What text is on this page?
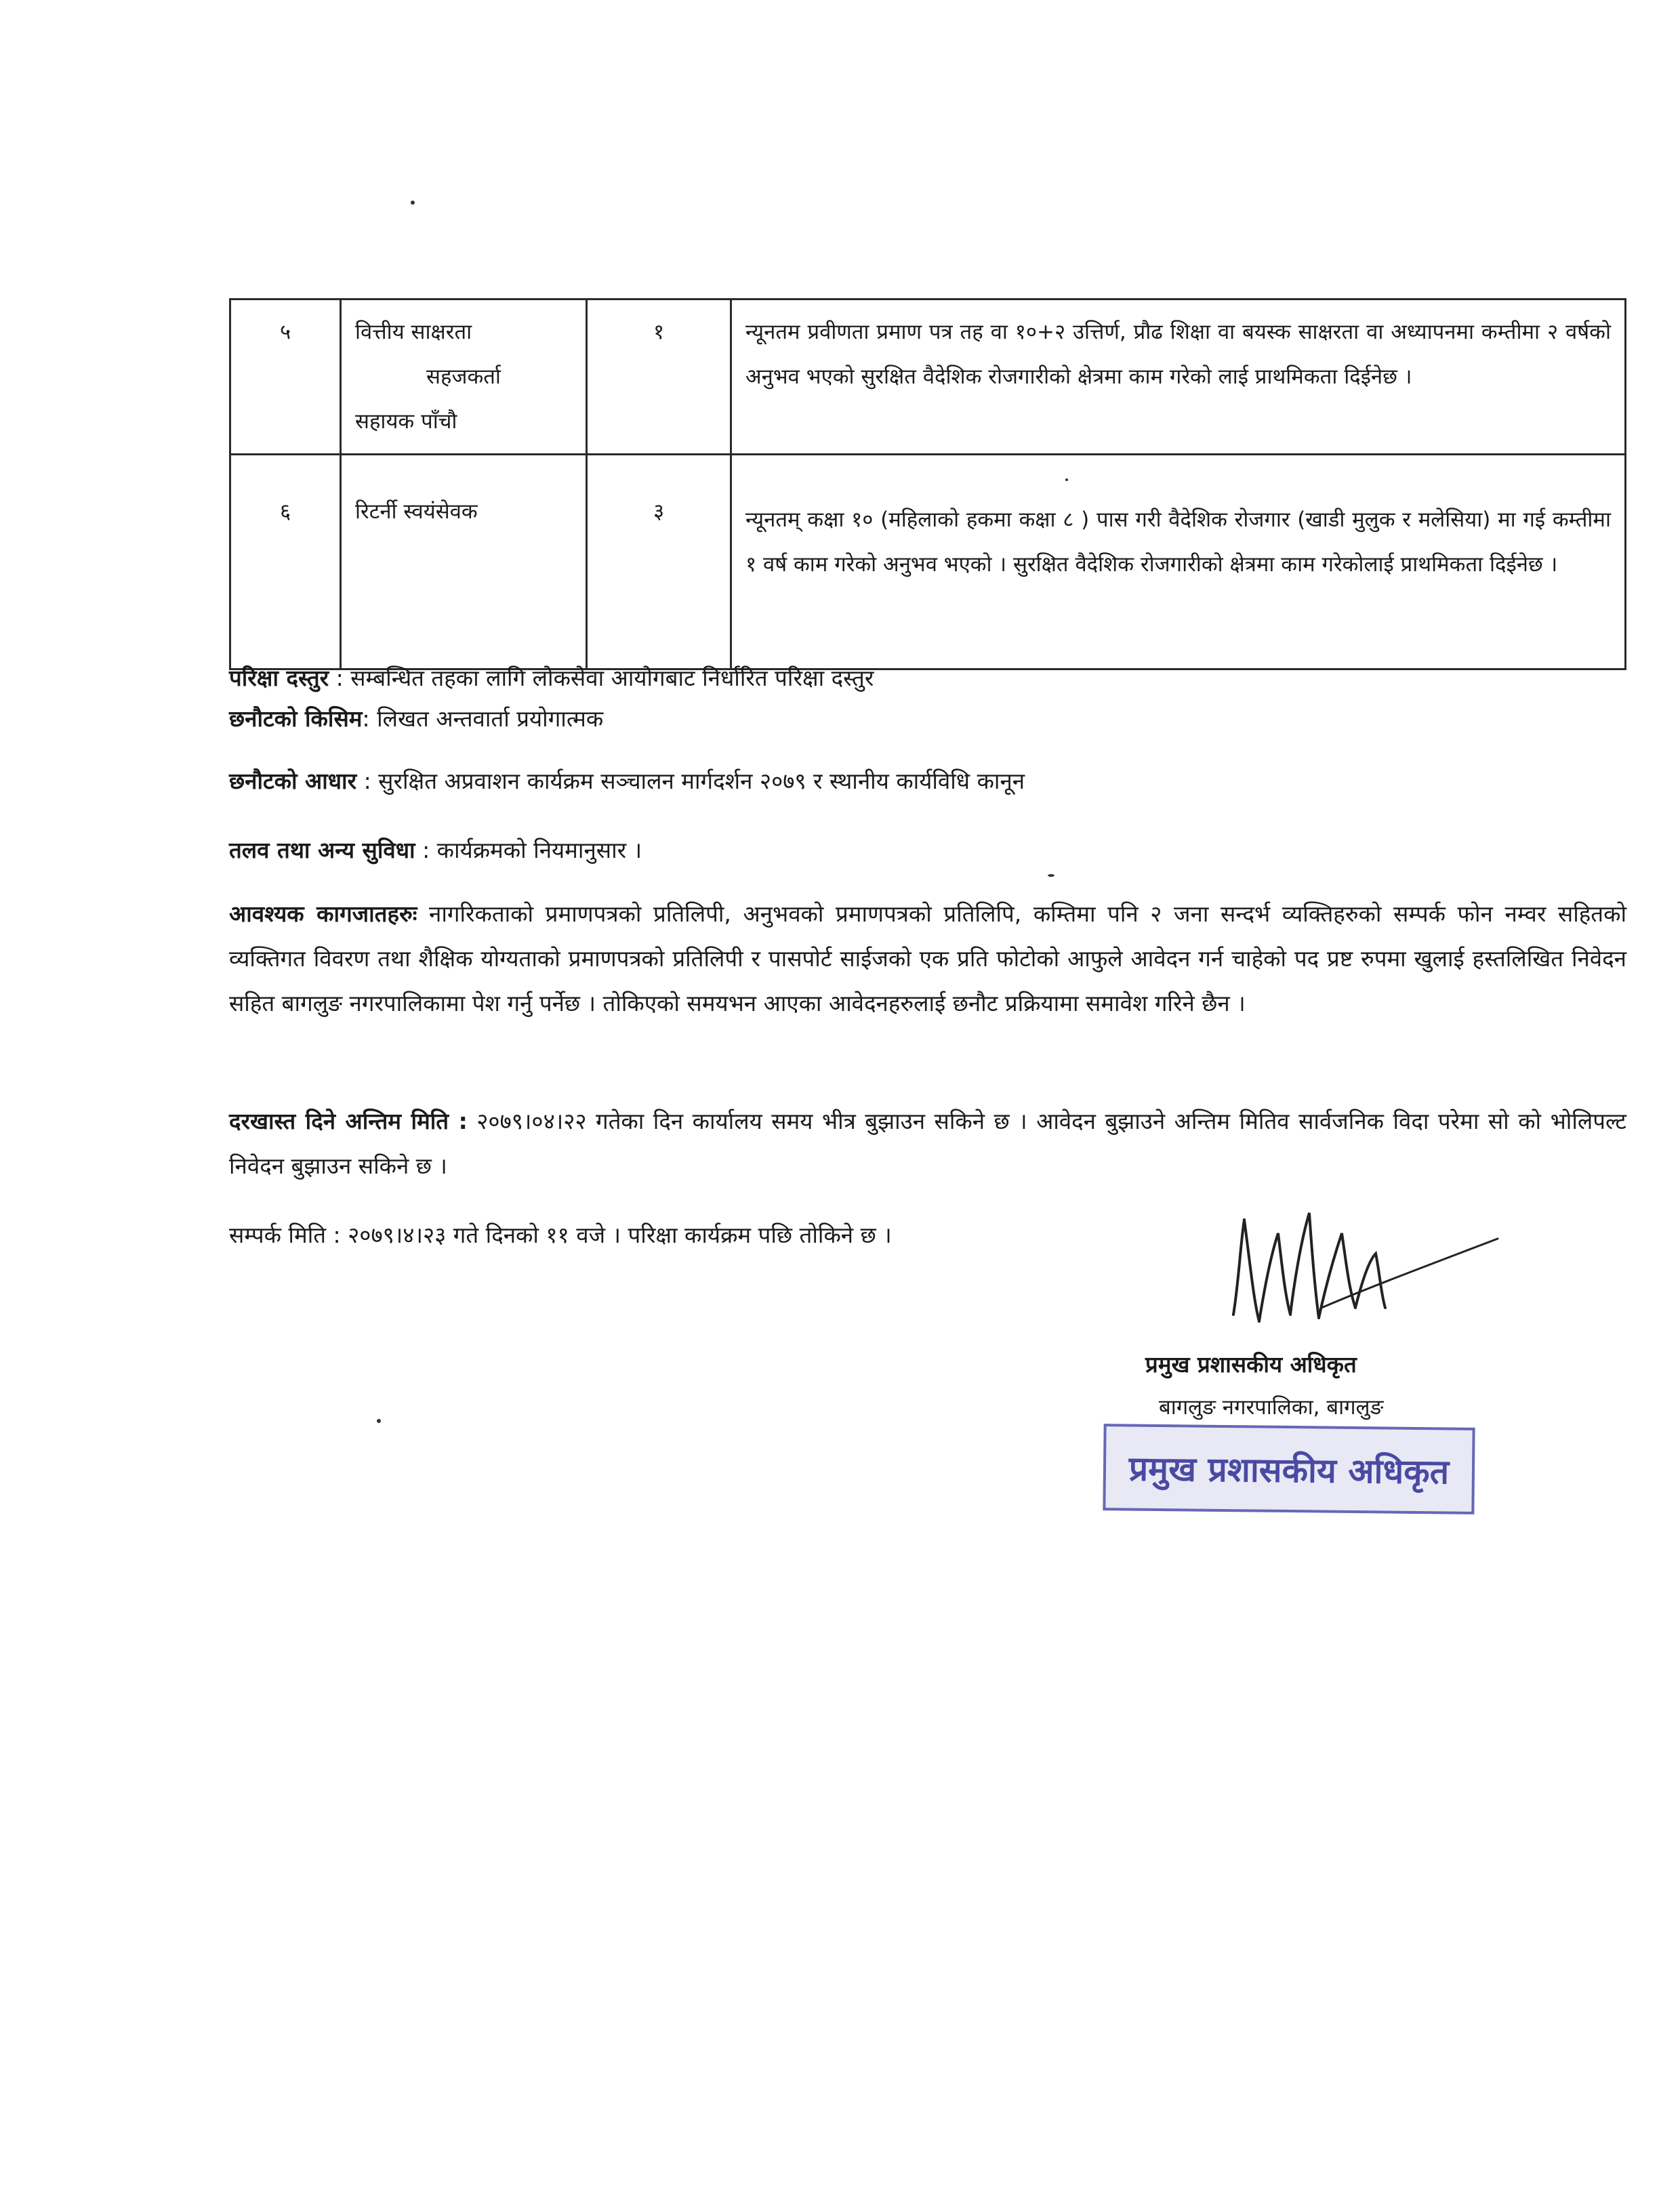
५	वित्तीय साक्षरता
सहजकर्ता
सहायक पाँचौ	१	न्यूनतम प्रवीणता प्रमाण पत्र तह वा १०+२ उत्तिर्ण, प्रौढ शिक्षा वा बयस्क साक्षरता वा अध्यापनमा कम्तीमा २ वर्षको अनुभव भएको सुरक्षित वैदेशिक रोजगारीको क्षेत्रमा काम गरेको लाई प्राथमिकता दिईनेछ ।
६	रिटर्नी स्वयंसेवक	३	न्यूनतम् कक्षा १० (महिलाको हकमा कक्षा ८ ) पास गरी वैदेशिक रोजगार (खाडी मुलुक र मलेसिया) मा गई कम्तीमा १ वर्ष काम गरेको अनुभव भएको । सुरक्षित वैदेशिक रोजगारीको क्षेत्रमा काम गरेकोलाई प्राथमिकता दिईनेछ ।
परिक्षा दस्तुर : सम्बन्धित तहका लागि लोकसेवा आयोगबाट निर्धारित परिक्षा दस्तुर
छनौटको किसिम: लिखत अन्तवार्ता प्रयोगात्मक
छनौटको आधार : सुरक्षित अप्रवाशन कार्यक्रम सञ्चालन मार्गदर्शन २०७९ र स्थानीय कार्यविधि कानून
तलव तथा अन्य सुविधा : कार्यक्रमको नियमानुसार ।
आवश्यक कागजातहरुः नागरिकताको प्रमाणपत्रको प्रतिलिपी, अनुभवको प्रमाणपत्रको प्रतिलिपि, कम्तिमा पनि २ जना सन्दर्भ व्यक्तिहरुको सम्पर्क फोन नम्वर सहितको व्यक्तिगत विवरण तथा शैक्षिक योग्यताको प्रमाणपत्रको प्रतिलिपी र पासपोर्ट साईजको एक प्रति फोटोको आफुले आवेदन गर्न चाहेको पद प्रष्ट रुपमा खुलाई हस्तलिखित निवेदन सहित बागलुङ नगरपालिकामा पेश गर्नु पर्नेछ । तोकिएको समयभन आएका आवेदनहरुलाई छनौट प्रक्रियामा समावेश गरिने छैन ।
दरखास्त दिने अन्तिम मिति : २०७९।०४।२२ गतेका दिन कार्यालय समय भीत्र बुझाउन सकिने छ । आवेदन बुझाउने अन्तिम मितिव सार्वजनिक विदा परेमा सो को भोलिपल्ट निवेदन बुझाउन सकिने छ ।
सम्पर्क मिति : २०७९।४।२३ गते दिनको ११ वजे । परिक्षा कार्यक्रम पछि तोकिने छ ।
प्रमुख प्रशासकीय अधिकृत
बागलुङ नगरपालिका, बागलुङ
प्रमुख प्रशासकीय अधिकृत
